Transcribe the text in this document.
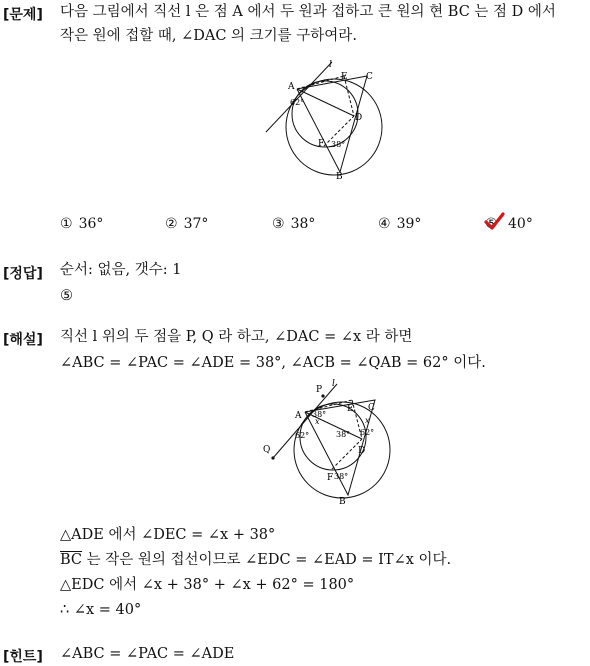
[문제] 다음 그림에서 직선 l 은 점 A 에서 두 원과 접하고 큰 원의 현 BC 는 점 D 에서
작은 원에 접할 때, ∠DAC 의 크기를 구하여라.
l
A
E C
D
F
B
62°
38°
① 36°	② 37°	③ 38°	④ 39°	⑤ 40°
[정답] 순서: 없음, 갯수: 1
⑤
[해설] 직선 l 위의 두 점을 P, Q 라 하고, ∠DAC = ∠x 라 하면
∠ABC = ∠PAC = ∠ADE = 38°, ∠ACB = ∠QAB = 62° 이다.
P
l
A
E C
D
F
B
Q
38°
38°
62°	62°
x	x
38°
△ADE 에서 ∠DEC = ∠x + 38°
$\overline{BC}$ 는 작은 원의 접선이므로 ∠EDC = ∠EAD = IT∠x 이다.
△EDC 에서 ∠x + 38° + ∠x + 62° = 180°
∴ ∠x = 40°
[힌트] ∠ABC = ∠PAC = ∠ADE
